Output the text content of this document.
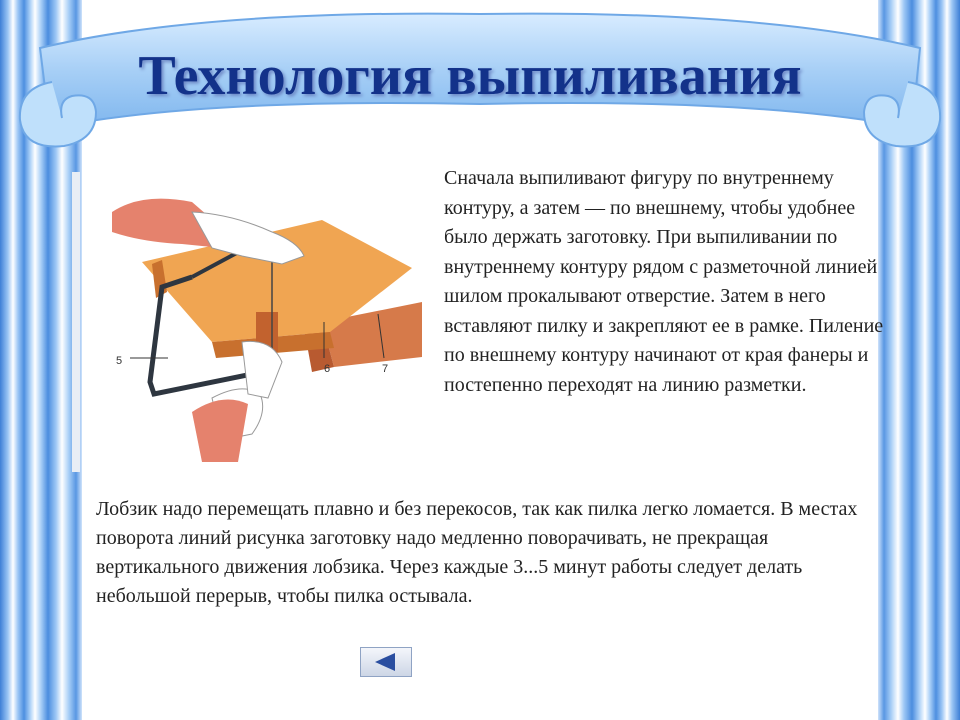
Технология выпиливания
5
6	7
Сначала выпиливают фигуру по внутреннему контуру, а затем — по внешнему, чтобы удобнее было держать заготовку. При выпиливании по внутреннему контуру рядом с разметочной линией шилом прокалывают отверстие. Затем в него вставляют пилку и закрепляют ее в рамке. Пиление по внешнему контуру начинают от края фанеры и постепенно переходят на линию разметки.
Лобзик надо перемещать плавно и без перекосов, так как пилка легко ломается. В местах поворота линий рисунка заготовку надо медленно поворачивать, не прекращая вертикального движения лобзика. Через каждые 3...5 минут работы следует делать небольшой перерыв, чтобы пилка остывала.
